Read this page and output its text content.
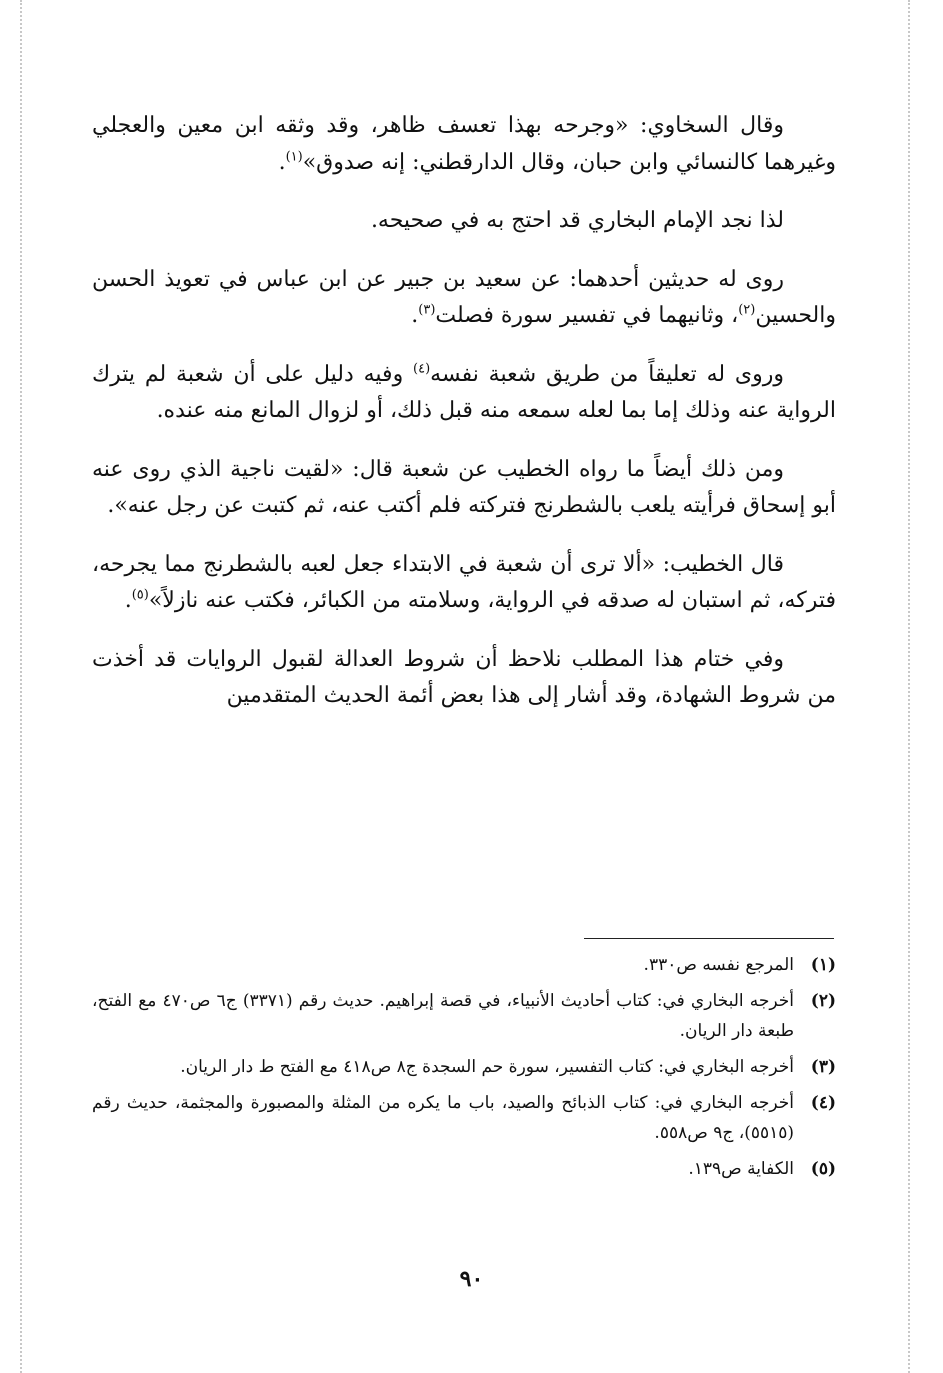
وقال السخاوي: «وجرحه بهذا تعسف ظاهر، وقد وثقه ابن معين والعجلي وغيرهما كالنسائي وابن حبان، وقال الدارقطني: إنه صدوق»$^{(١)}$.

لذا نجد الإمام البخاري قد احتج به في صحيحه.

روى له حديثين أحدهما: عن سعيد بن جبير عن ابن عباس في تعويذ الحسن والحسين$^{(٢)}$، وثانيهما في تفسير سورة فصلت$^{(٣)}$.

وروى له تعليقاً من طريق شعبة نفسه$^{(٤)}$ وفيه دليل على أن شعبة لم يترك الرواية عنه وذلك إما بما لعله سمعه منه قبل ذلك، أو لزوال المانع منه عنده.

ومن ذلك أيضاً ما رواه الخطيب عن شعبة قال: «لقيت ناجية الذي روى عنه أبو إسحاق فرأيته يلعب بالشطرنج فتركته فلم أكتب عنه، ثم كتبت عن رجل عنه».

قال الخطيب: «ألا ترى أن شعبة في الابتداء جعل لعبه بالشطرنج مما يجرحه، فتركه، ثم استبان له صدقه في الرواية، وسلامته من الكبائر، فكتب عنه نازلاً»$^{(٥)}$.

وفي ختام هذا المطلب نلاحظ أن شروط العدالة لقبول الروايات قد أخذت من شروط الشهادة، وقد أشار إلى هذا بعض أئمة الحديث المتقدمين

(١)
المرجع نفسه ص٣٣٠.
(٢)
أخرجه البخاري في: كتاب أحاديث الأنبياء، في قصة إبراهيم. حديث رقم (٣٣٧١) ج٦ ص٤٧٠ مع الفتح، طبعة دار الريان.
(٣)
أخرجه البخاري في: كتاب التفسير، سورة حم السجدة ج٨ ص٤١٨ مع الفتح ط دار الريان.
(٤)
أخرجه البخاري في: كتاب الذبائح والصيد، باب ما يكره من المثلة والمصبورة والمجثمة، حديث رقم (٥٥١٥)، ج٩ ص٥٥٨.
(٥)
الكفاية ص١٣٩.
٩٠
